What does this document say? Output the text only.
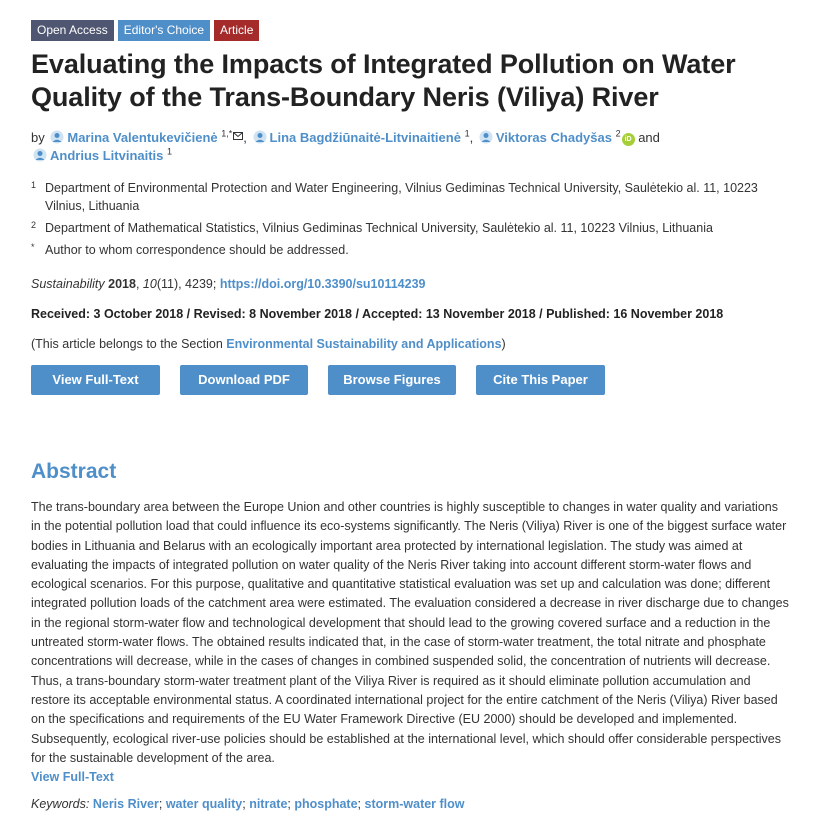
Open Access	Editor's Choice	Article
Evaluating the Impacts of Integrated Pollution on Water Quality of the Trans-Boundary Neris (Viliya) River
by Marina Valentukevičienė $^{1,*}$ , Lina Bagdžiūnaitė-Litvinaitienė $^1$, Viktoras Chadyšas $^2$iD and
Andrius Litvinaitis $^1$
1 Department of Environmental Protection and Water Engineering, Vilnius Gediminas Technical University, Saulėtekio al. 11, 10223 Vilnius, Lithuania
2 Department of Mathematical Statistics, Vilnius Gediminas Technical University, Saulėtekio al. 11, 10223 Vilnius, Lithuania
* Author to whom correspondence should be addressed.
Sustainability 2018, 10(11), 4239; https://doi.org/10.3390/su10114239
Received: 3 October 2018 / Revised: 8 November 2018 / Accepted: 13 November 2018 / Published: 16 November 2018
(This article belongs to the Section Environmental Sustainability and Applications)
View Full-Text	Download PDF	Browse Figures	Cite This Paper
Abstract
The trans-boundary area between the Europe Union and other countries is highly susceptible to changes in water quality and variations in the potential pollution load that could influence its eco-systems significantly. The Neris (Viliya) River is one of the biggest surface water bodies in Lithuania and Belarus with an ecologically important area protected by international legislation. The study was aimed at evaluating the impacts of integrated pollution on water quality of the Neris River taking into account different storm-water flows and ecological scenarios. For this purpose, qualitative and quantitative statistical evaluation was set up and calculation was done; different integrated pollution loads of the catchment area were estimated. The evaluation considered a decrease in river discharge due to changes in the regional storm-water flow and technological development that should lead to the growing covered surface and a reduction in the untreated storm-water flows. The obtained results indicated that, in the case of storm-water treatment, the total nitrate and phosphate concentrations will decrease, while in the cases of changes in combined suspended solid, the concentration of nutrients will decrease. Thus, a trans-boundary storm-water treatment plant of the Viliya River is required as it should eliminate pollution accumulation and restore its acceptable environmental status. A coordinated international project for the entire catchment of the Neris (Viliya) River based on the specifications and requirements of the EU Water Framework Directive (EU 2000) should be developed and implemented. Subsequently, ecological river-use policies should be established at the international level, which should offer considerable perspectives for the sustainable development of the area.
View Full-Text
Keywords: Neris River; water quality; nitrate; phosphate; storm-water flow
